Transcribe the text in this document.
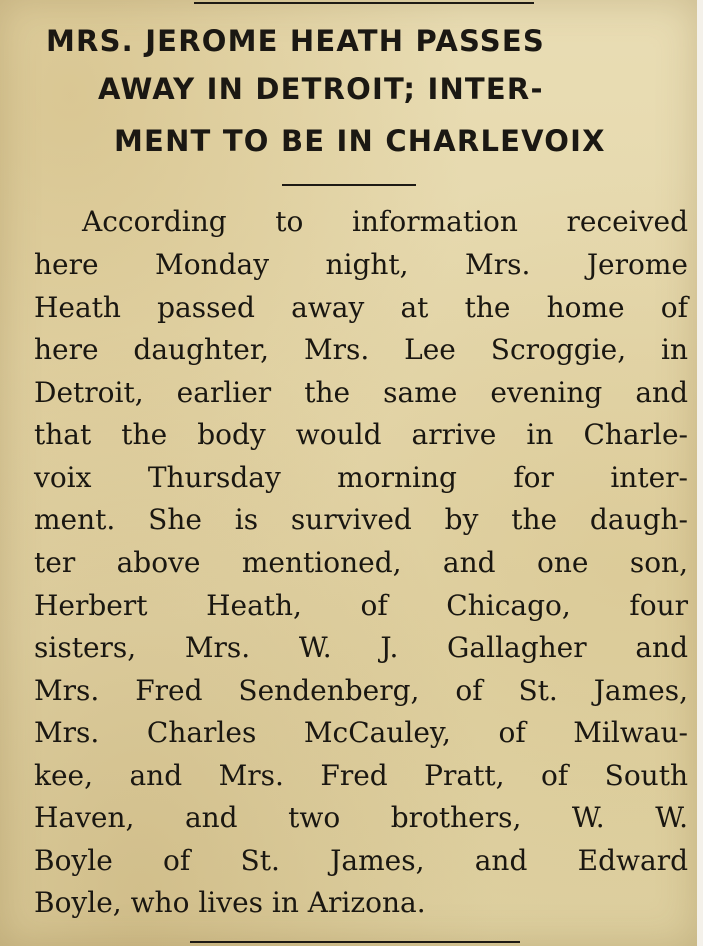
MRS. JEROME HEATH PASSES
AWAY IN DETROIT; INTER-
MENT TO BE IN CHARLEVOIX
According to information received
here Monday night, Mrs. Jerome
Heath passed away at the home of
here daughter, Mrs. Lee Scroggie, in
Detroit, earlier the same evening and
that the body would arrive in Charle-
voix Thursday morning for inter-
ment. She is survived by the daugh-
ter above mentioned, and one son,
Herbert Heath, of Chicago, four
sisters, Mrs. W. J. Gallagher and
Mrs. Fred Sendenberg, of St. James,
Mrs. Charles McCauley, of Milwau-
kee, and Mrs. Fred Pratt, of South
Haven, and two brothers, W. W.
Boyle of St. James, and Edward
Boyle, who lives in Arizona.
